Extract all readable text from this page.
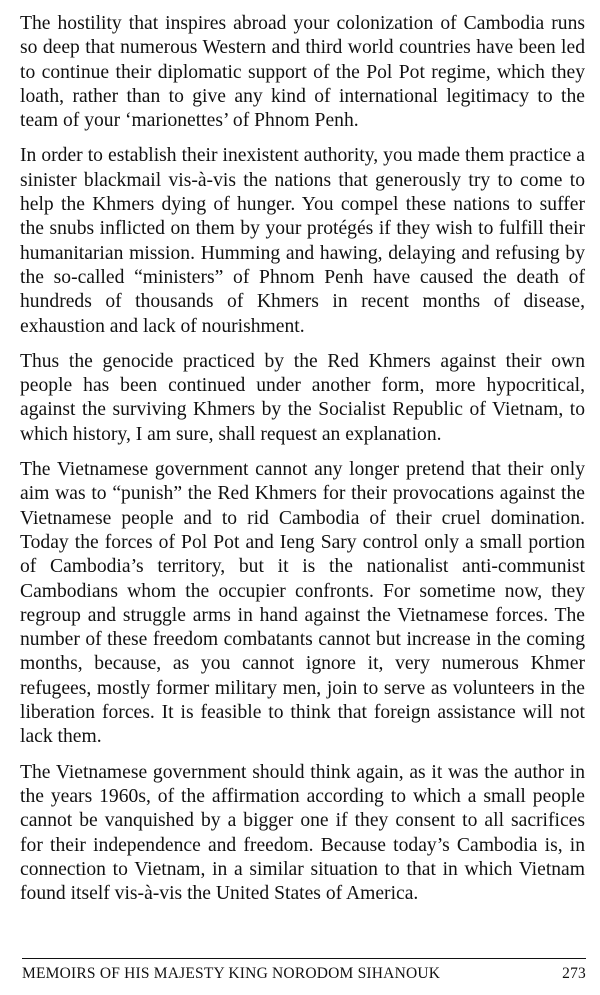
The hostility that inspires abroad your colonization of Cambodia runs so deep that numerous Western and third world countries have been led to continue their diplomatic support of the Pol Pot regime, which they loath, rather than to give any kind of international legitimacy to the team of your ‘marionettes’ of Phnom Penh.

In order to establish their inexistent authority, you made them practice a sinister blackmail vis-à-vis the nations that generously try to come to help the Khmers dying of hunger. You compel these nations to suffer the snubs inflicted on them by your protégés if they wish to fulfill their humanitarian mission. Humming and hawing, delaying and refusing by the so-called “ministers” of Phnom Penh have caused the death of hundreds of thousands of Khmers in recent months of disease, exhaustion and lack of nourishment.

Thus the genocide practiced by the Red Khmers against their own people has been continued under another form, more hypocritical, against the surviving Khmers by the Socialist Republic of Vietnam, to which history, I am sure, shall request an explanation.

The Vietnamese government cannot any longer pretend that their only aim was to “punish” the Red Khmers for their provocations against the Vietnamese people and to rid Cambodia of their cruel domination. Today the forces of Pol Pot and Ieng Sary control only a small portion of Cambodia’s territory, but it is the nationalist anti-communist Cambodians whom the occupier confronts. For sometime now, they regroup and struggle arms in hand against the Vietnamese forces. The number of these freedom combatants cannot but increase in the coming months, because, as you cannot ignore it, very numerous Khmer refugees, mostly former military men, join to serve as volunteers in the liberation forces. It is feasible to think that foreign assistance will not lack them.

The Vietnamese government should think again, as it was the author in the years 1960s, of the affirmation according to which a small people cannot be vanquished by a bigger one if they consent to all sacrifices for their independence and freedom. Because today’s Cambodia is, in connection to Vietnam, in a similar situation to that in which Vietnam found itself vis-à-vis the United States of America.

MEMOIRS OF HIS MAJESTY KING NORODOM SIHANOUK	273
